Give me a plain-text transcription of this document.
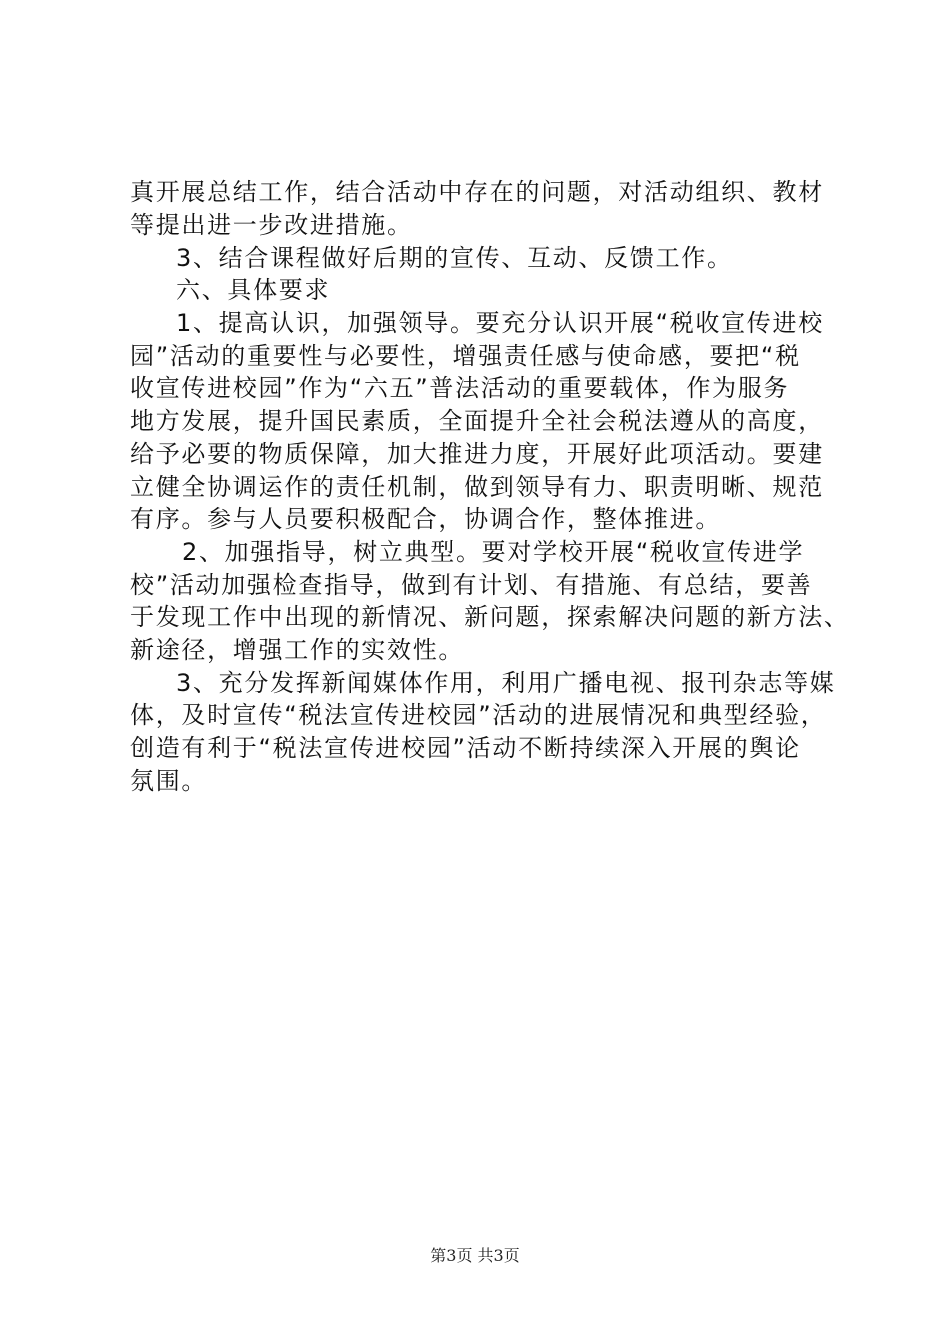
真开展总结工作，结合活动中存在的问题，对活动组织、教材
等提出进一步改进措施。
3、结合课程做好后期的宣传、互动、反馈工作。
六、具体要求
1、提高认识，加强领导。要充分认识开展“税收宣传进校
园”活动的重要性与必要性，增强责任感与使命感，要把“税
收宣传进校园”作为“六五”普法活动的重要载体，作为服务
地方发展，提升国民素质，全面提升全社会税法遵从的高度，
给予必要的物质保障，加大推进力度，开展好此项活动。要建
立健全协调运作的责任机制，做到领导有力、职责明晰、规范
有序。参与人员要积极配合，协调合作，整体推进。
2、加强指导，树立典型。要对学校开展“税收宣传进学
校”活动加强检查指导，做到有计划、有措施、有总结，要善
于发现工作中出现的新情况、新问题，探索解决问题的新方法、
新途径，增强工作的实效性。
3、充分发挥新闻媒体作用，利用广播电视、报刊杂志等媒
体，及时宣传“税法宣传进校园”活动的进展情况和典型经验，
创造有利于“税法宣传进校园”活动不断持续深入开展的舆论
氛围。
第3页 共3页
